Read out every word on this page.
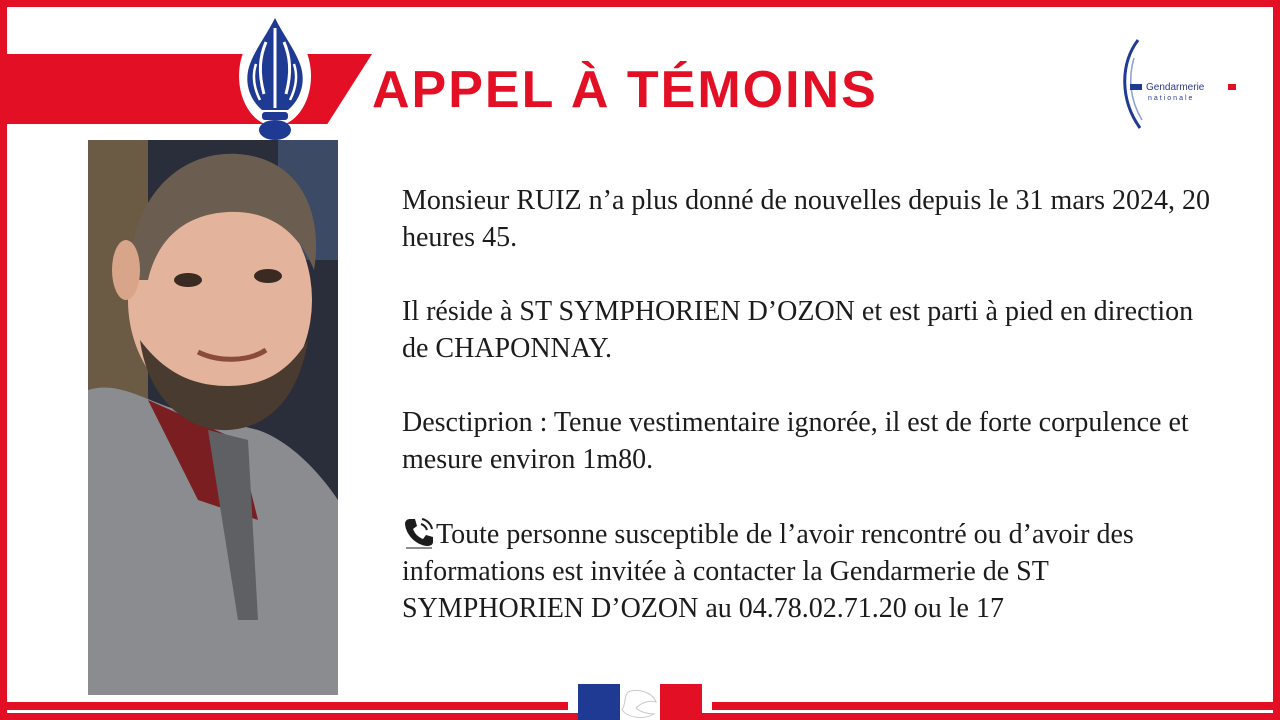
APPEL À TÉMOINS	Gendarmerie
nationale

Monsieur RUIZ n’a plus donné de nouvelles depuis le 31 mars 2024, 20 heures 45.

Il réside à ST SYMPHORIEN D’OZON et est parti à pied en direction de CHAPONNAY.

Desctiprion : Tenue vestimentaire ignorée, il est de forte corpulence et mesure environ 1m80.

Toute personne susceptible de l’avoir rencontré ou d’avoir des informations est invitée à contacter la Gendarmerie de ST SYMPHORIEN D’OZON au 04.78.02.71.20 ou le 17
